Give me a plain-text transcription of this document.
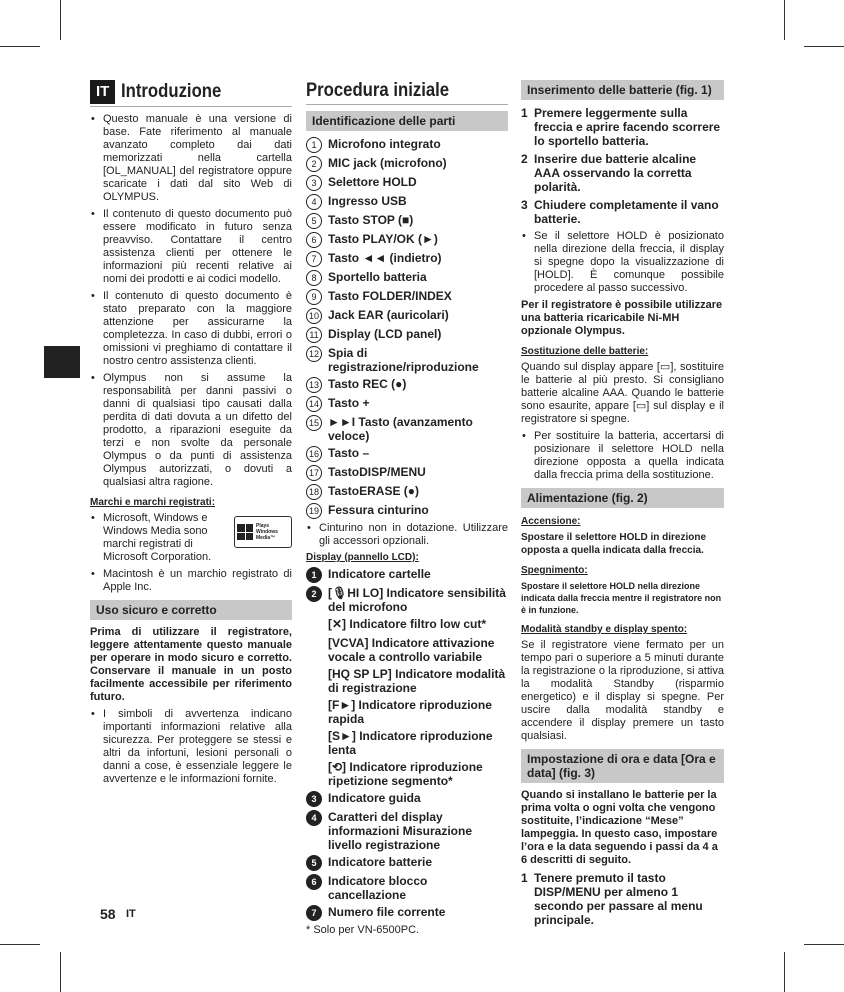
IT Introduzione
• Questo manuale è una versione di base. Fate riferimento al manuale avanzato completo dai dati memorizzati nella cartella [OL_MANUAL] del registratore oppure scaricate i dati dal sito Web di OLYMPUS.
• Il contenuto di questo documento può essere modificato in futuro senza preavviso. Contattare il centro assistenza clienti per ottenere le informazioni più recenti relative ai nomi dei prodotti e ai codici modello.
• Il contenuto di questo documento è stato preparato con la maggiore attenzione per assicurarne la completezza. In caso di dubbi, errori o omissioni vi preghiamo di contattare il nostro centro assistenza clienti.
• Olympus non si assume la responsabilità per danni passivi o danni di qualsiasi tipo causati dalla perdita di dati dovuta a un difetto del prodotto, a riparazioni eseguite da terzi e non svolte da personale Olympus o da punti di assistenza Olympus autorizzati, o dovuti a qualsiasi altra ragione.
Marchi e marchi registrati:
• Microsoft, Windows e Windows Media sono marchi registrati di Microsoft Corporation.
Plays
Windows
Media™
• Macintosh è un marchio registrato di Apple Inc.
Uso sicuro e corretto
Prima di utilizzare il registratore, leggere attentamente questo manuale per operare in modo sicuro e corretto. Conservare il manuale in un posto facilmente accessibile per riferimento futuro.
• I simboli di avvertenza indicano importanti informazioni relative alla sicurezza. Per proteggere se stessi e altri da infortuni, lesioni personali o danni a cose, è essenziale leggere le avvertenze e le informazioni fornite.
Procedura iniziale
Identificazione delle parti
1 Microfono integrato
2 MIC jack (microfono)
3 Selettore HOLD
4 Ingresso USB
5 Tasto STOP (■)
6 Tasto PLAY/OK (►)
7 Tasto ◄◄ (indietro)
8 Sportello batteria
9 Tasto FOLDER/INDEX
10 Jack EAR (auricolari)
11 Display (LCD panel)
12 Spia di registrazione/riproduzione
13 Tasto REC (●)
14 Tasto +
15 ►►I Tasto (avanzamento veloce)
16 Tasto –
17 TastoDISP/MENU
18 TastoERASE (●)
19 Fessura cinturino
• Cinturino non in dotazione. Utilizzare gli accessori opzionali.
Display (pannello LCD):
1 Indicatore cartelle
2 [🎙HI LO] Indicatore sensibilità del microfono
[✕] Indicatore filtro low cut*
[VCVA] Indicatore attivazione vocale a controllo variabile
[HQ SP LP] Indicatore modalità di registrazione
[F►] Indicatore riproduzione rapida
[S►] Indicatore riproduzione lenta
[⟲] Indicatore riproduzione ripetizione segmento*
3 Indicatore guida
4 Caratteri del display informazioni Misurazione livello registrazione
5 Indicatore batterie
6 Indicatore blocco cancellazione
7 Numero file corrente
* Solo per VN-6500PC.
Inserimento delle batterie (fig. 1)
1 Premere leggermente sulla freccia e aprire facendo scorrere lo sportello batteria.
2 Inserire due batterie alcaline AAA osservando la corretta polarità.
3 Chiudere completamente il vano batterie.
• Se il selettore HOLD è posizionato nella direzione della freccia, il display si spegne dopo la visualizzazione di [HOLD]. È comunque possibile procedere al passo successivo.
Per il registratore è possibile utilizzare una batteria ricaricabile Ni-MH opzionale Olympus.
Sostituzione delle batterie:
Quando sul display appare [▭], sostituire le batterie al più presto. Si consigliano batterie alcaline AAA. Quando le batterie sono esaurite, appare [▭] sul display e il registratore si spegne.
• Per sostituire la batteria, accertarsi di posizionare il selettore HOLD nella direzione opposta a quella indicata dalla freccia prima della sostituzione.
Alimentazione (fig. 2)
Accensione:
Spostare il selettore HOLD in direzione opposta a quella indicata dalla freccia.
Spegnimento:
Spostare il selettore HOLD nella direzione indicata dalla freccia mentre il registratore non è in funzione.
Modalità standby e display spento:
Se il registratore viene fermato per un tempo pari o superiore a 5 minuti durante la registrazione o la riproduzione, si attiva la modalità Standby (risparmio energetico) e il display si spegne. Per uscire dalla modalità standby e accendere il display premere un tasto qualsiasi.
Impostazione di ora e data [Ora e data] (fig. 3)
Quando si installano le batterie per la prima volta o ogni volta che vengono sostituite, l’indicazione “Mese” lampeggia. In questo caso, impostare l’ora e la data seguendo i passi da 4 a 6 descritti di seguito.
1 Tenere premuto il tasto DISP/MENU per almeno 1 secondo per passare al menu principale.
58 IT
